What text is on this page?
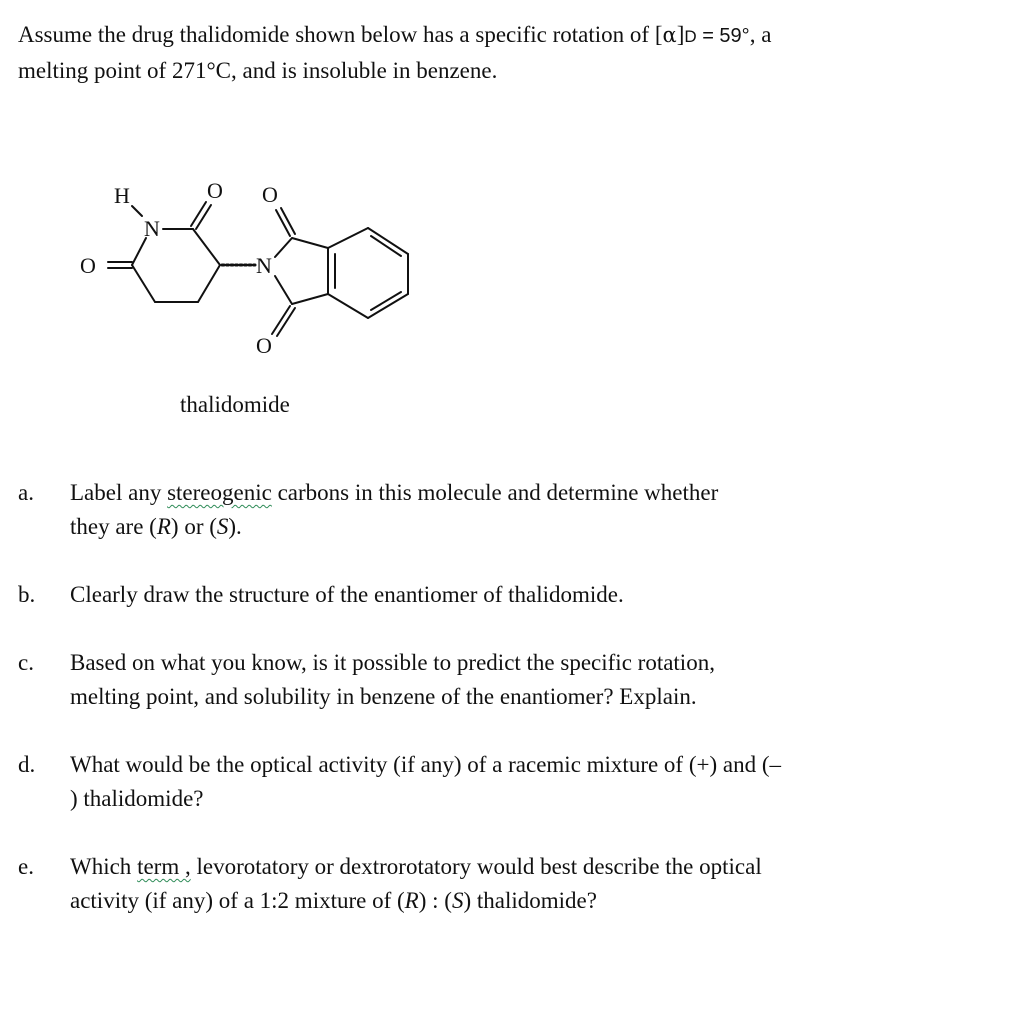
Assume the drug thalidomide shown below has a specific rotation of [α]D = 59°, a
melting point of 271°C, and is insoluble in benzene.
H
N
O
O O
N
O
thalidomide
a.	Label any stereogenic carbons in this molecule and determine whether
they are (R) or (S).
b.	Clearly draw the structure of the enantiomer of thalidomide.
c.	Based on what you know, is it possible to predict the specific rotation,
melting point, and solubility in benzene of the enantiomer? Explain.
d.	What would be the optical activity (if any) of a racemic mixture of (+) and (–
) thalidomide?
e.	Which term , levorotatory or dextrorotatory would best describe the optical
activity (if any) of a 1:2 mixture of (R) : (S) thalidomide?
